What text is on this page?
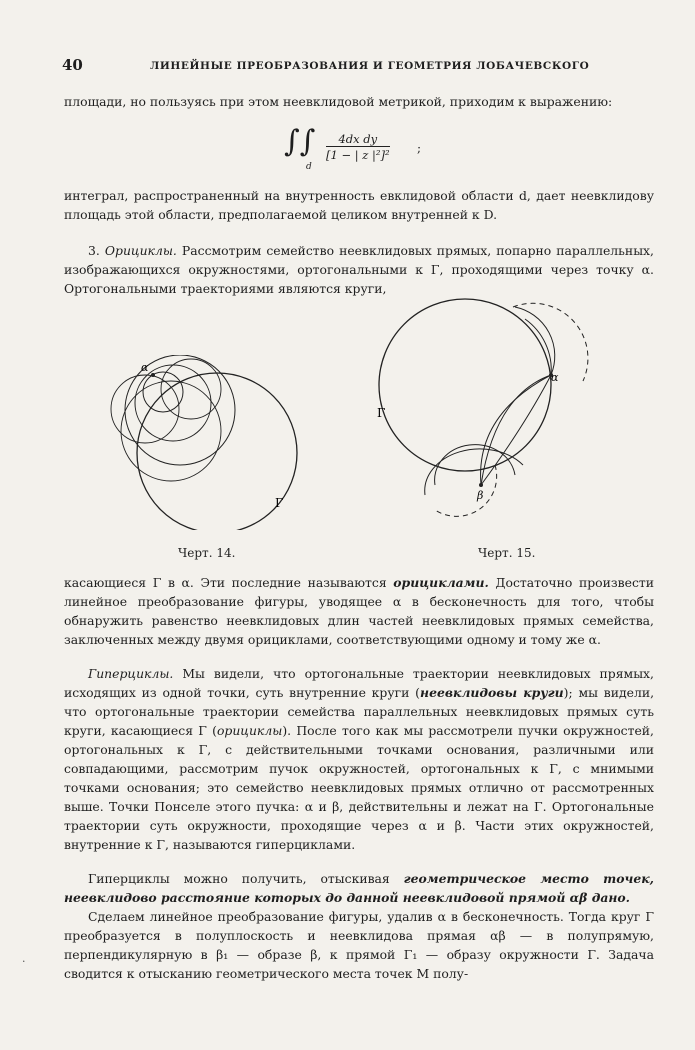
40	ЛИНЕЙНЫЕ ПРЕОБРАЗОВАНИЯ И ГЕОМЕТРИЯ ЛОБАЧЕВСКОГО

площади, но пользуясь при этом неевклидовой метрикой, приходим к выражению:

∫∫
d
$\frac{\text{4dx dy}}{\text{[1 − | z |²]²}}$ ;

интеграл, распространенный на внутренность евклидовой области d, дает неевклидову площадь этой области, предполагаемой целиком внутренней к D.

3. Орициклы. Рассмотрим семейство неевклидовых прямых, попарно параллельных, изображающихся окружностями, ортогональными к Γ, проходящими через точку α. Ортогональными траекториями являются круги,

α
Γ
Черт. 14.
α
β
Γ
Черт. 15.

касающиеся Γ в α. Эти последние называются орициклами. Достаточно произвести линейное преобразование фигуры, уводящее α в бесконечность для того, чтобы обнаружить равенство неевклидовых длин частей неевклидовых прямых семейства, заключенных между двумя орициклами, соответствующими одному и тому же α.

Гиперциклы. Мы видели, что ортогональные траектории неевклидовых прямых, исходящих из одной точки, суть внутренние круги (неевклидовы круги); мы видели, что ортогональные траектории семейства параллельных неевклидовых прямых суть круги, касающиеся Γ (орициклы). После того как мы рассмотрели пучки окружностей, ортогональных к Γ, с действительными точками основания, различными или совпадающими, рассмотрим пучок окружностей, ортогональных к Γ, с мнимыми точками основания; это семейство неевклидовых прямых отлично от рассмотренных выше. Точки Понселе этого пучка: α и β, действительны и лежат на Γ. Ортогональные траектории суть окружности, проходящие через α и β. Части этих окружностей, внутренние к Γ, называются гиперциклами.

Гиперциклы можно получить, отыскивая геометрическое место точек, неевклидово расстояние которых до данной неевклидовой прямой αβ дано.

Сделаем линейное преобразование фигуры, удалив α в бесконечность. Тогда круг Γ преобразуется в полуплоскость и неевклидова прямая αβ — в полупрямую, перпендикулярную в β₁ — образе β, к прямой Γ₁ — образу окружности Γ. Задача сводится к отысканию геометрического места точек M полу-

·
